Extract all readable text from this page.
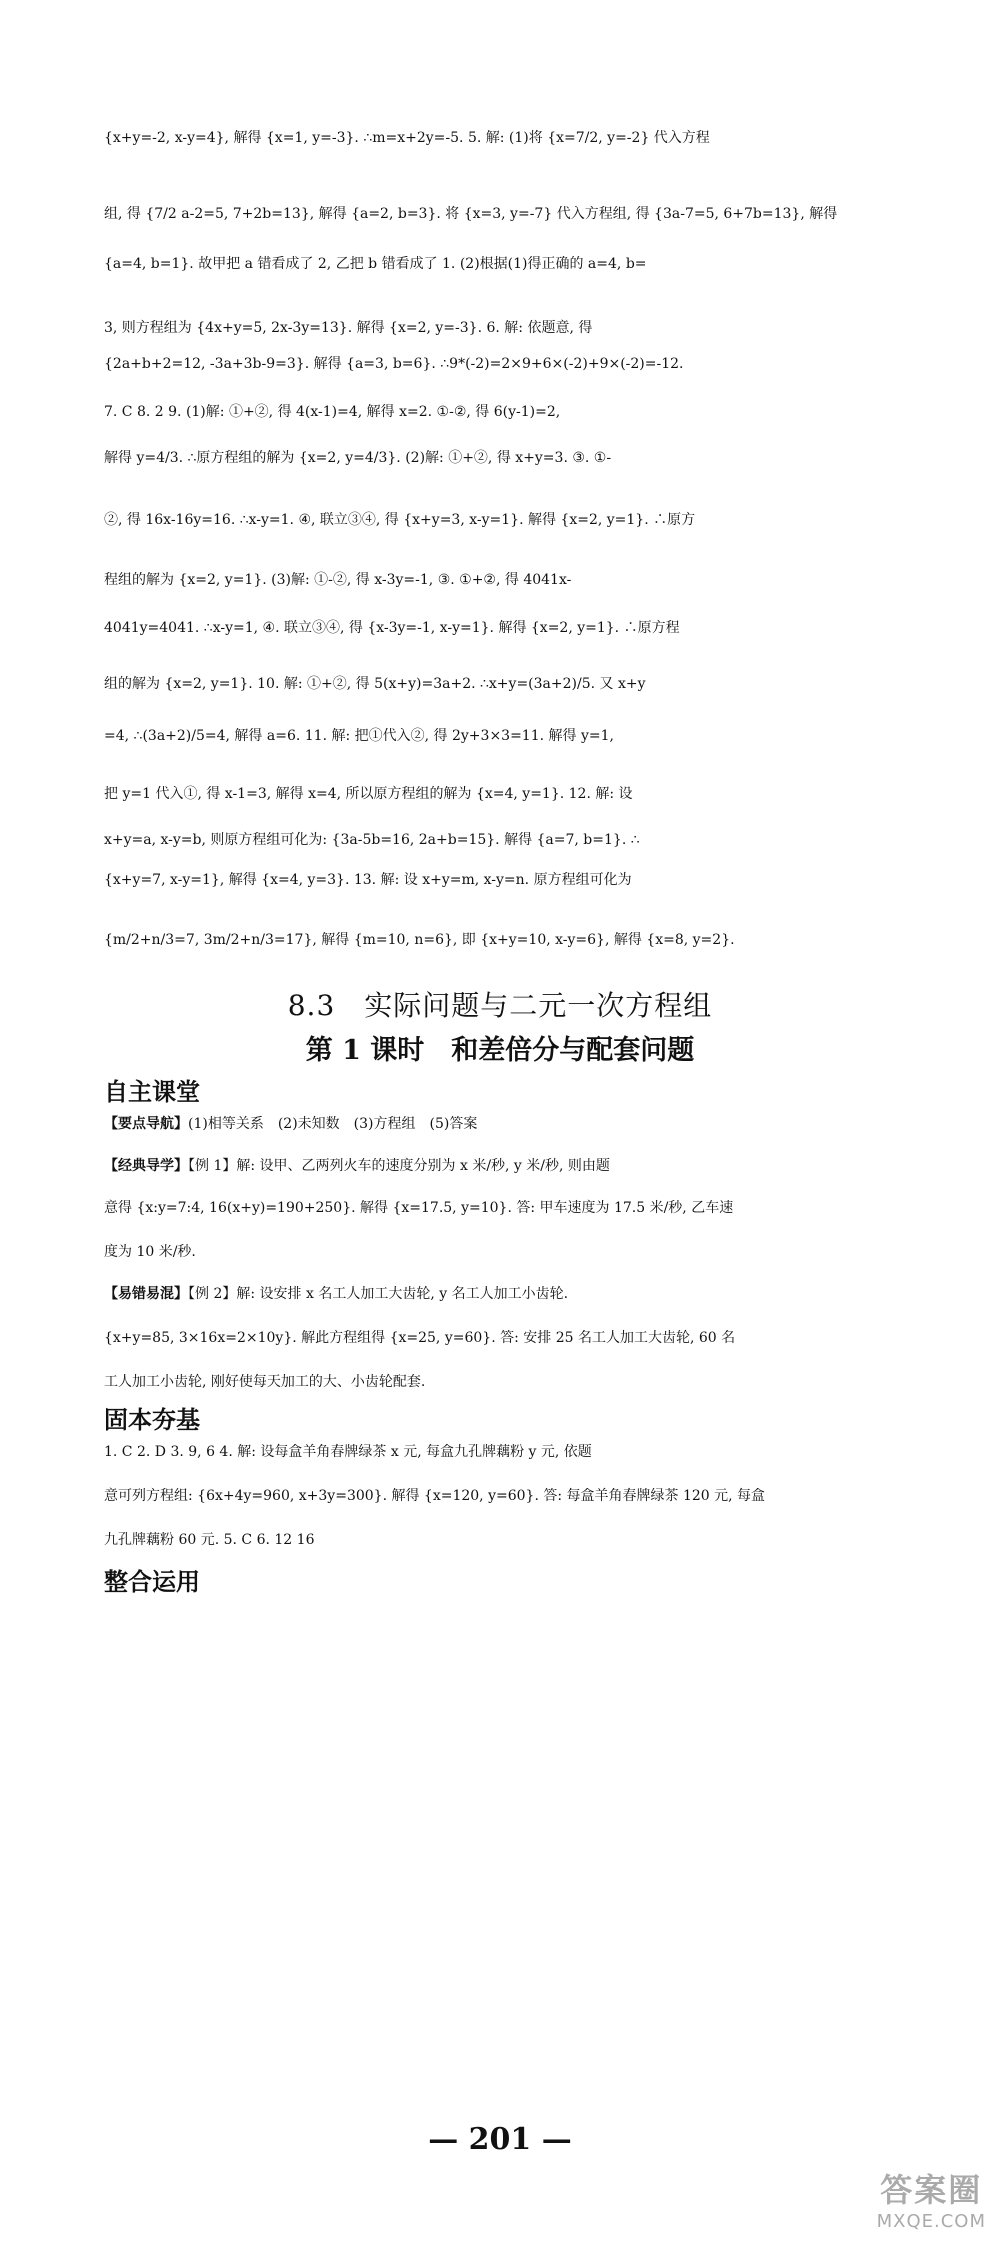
{x+y=-2, x-y=4}, 解得 {x=1, y=-3}. ∴m=x+2y=-5. 5. 解: (1)将 {x=7/2, y=-2} 代入方程
组, 得 {7/2 a-2=5, 7+2b=13}, 解得 {a=2, b=3}. 将 {x=3, y=-7} 代入方程组, 得 {3a-7=5, 6+7b=13}, 解得
{a=4, b=1}. 故甲把 a 错看成了 2, 乙把 b 错看成了 1. (2)根据(1)得正确的 a=4, b=
3, 则方程组为 {4x+y=5, 2x-3y=13}. 解得 {x=2, y=-3}. 6. 解: 依题意, 得
{2a+b+2=12, -3a+3b-9=3}. 解得 {a=3, b=6}. ∴9*(-2)=2×9+6×(-2)+9×(-2)=-12.
7. C 8. 2 9. (1)解: ①+②, 得 4(x-1)=4, 解得 x=2. ①-②, 得 6(y-1)=2,
解得 y=4/3. ∴原方程组的解为 {x=2, y=4/3}. (2)解: ①+②, 得 x+y=3. ③. ①-
②, 得 16x-16y=16. ∴x-y=1. ④, 联立③④, 得 {x+y=3, x-y=1}. 解得 {x=2, y=1}. ∴原方
程组的解为 {x=2, y=1}. (3)解: ①-②, 得 x-3y=-1, ③. ①+②, 得 4041x-
4041y=4041. ∴x-y=1, ④. 联立③④, 得 {x-3y=-1, x-y=1}. 解得 {x=2, y=1}. ∴原方程
组的解为 {x=2, y=1}. 10. 解: ①+②, 得 5(x+y)=3a+2. ∴x+y=(3a+2)/5. 又 x+y
=4, ∴(3a+2)/5=4, 解得 a=6. 11. 解: 把①代入②, 得 2y+3×3=11. 解得 y=1,
把 y=1 代入①, 得 x-1=3, 解得 x=4, 所以原方程组的解为 {x=4, y=1}. 12. 解: 设
x+y=a, x-y=b, 则原方程组可化为: {3a-5b=16, 2a+b=15}. 解得 {a=7, b=1}. ∴
{x+y=7, x-y=1}, 解得 {x=4, y=3}. 13. 解: 设 x+y=m, x-y=n. 原方程组可化为
{m/2+n/3=7, 3m/2+n/3=17}, 解得 {m=10, n=6}, 即 {x+y=10, x-y=6}, 解得 {x=8, y=2}.
8.3　实际问题与二元一次方程组
第 1 课时　和差倍分与配套问题
自主课堂
【要点导航】(1)相等关系　(2)未知数　(3)方程组　(5)答案
【经典导学】【例 1】解: 设甲、乙两列火车的速度分别为 x 米/秒, y 米/秒, 则由题
意得 {x:y=7:4, 16(x+y)=190+250}. 解得 {x=17.5, y=10}. 答: 甲车速度为 17.5 米/秒, 乙车速
度为 10 米/秒.
【易错易混】【例 2】解: 设安排 x 名工人加工大齿轮, y 名工人加工小齿轮.
{x+y=85, 3×16x=2×10y}. 解此方程组得 {x=25, y=60}. 答: 安排 25 名工人加工大齿轮, 60 名
工人加工小齿轮, 刚好使每天加工的大、小齿轮配套.
固本夯基
1. C 2. D 3. 9, 6 4. 解: 设每盒羊角春牌绿茶 x 元, 每盒九孔牌藕粉 y 元, 依题
意可列方程组: {6x+4y=960, x+3y=300}. 解得 {x=120, y=60}. 答: 每盒羊角春牌绿茶 120 元, 每盒
九孔牌藕粉 60 元. 5. C 6. 12 16
整合运用
— 201 —
答案圈
MXQE.COM
